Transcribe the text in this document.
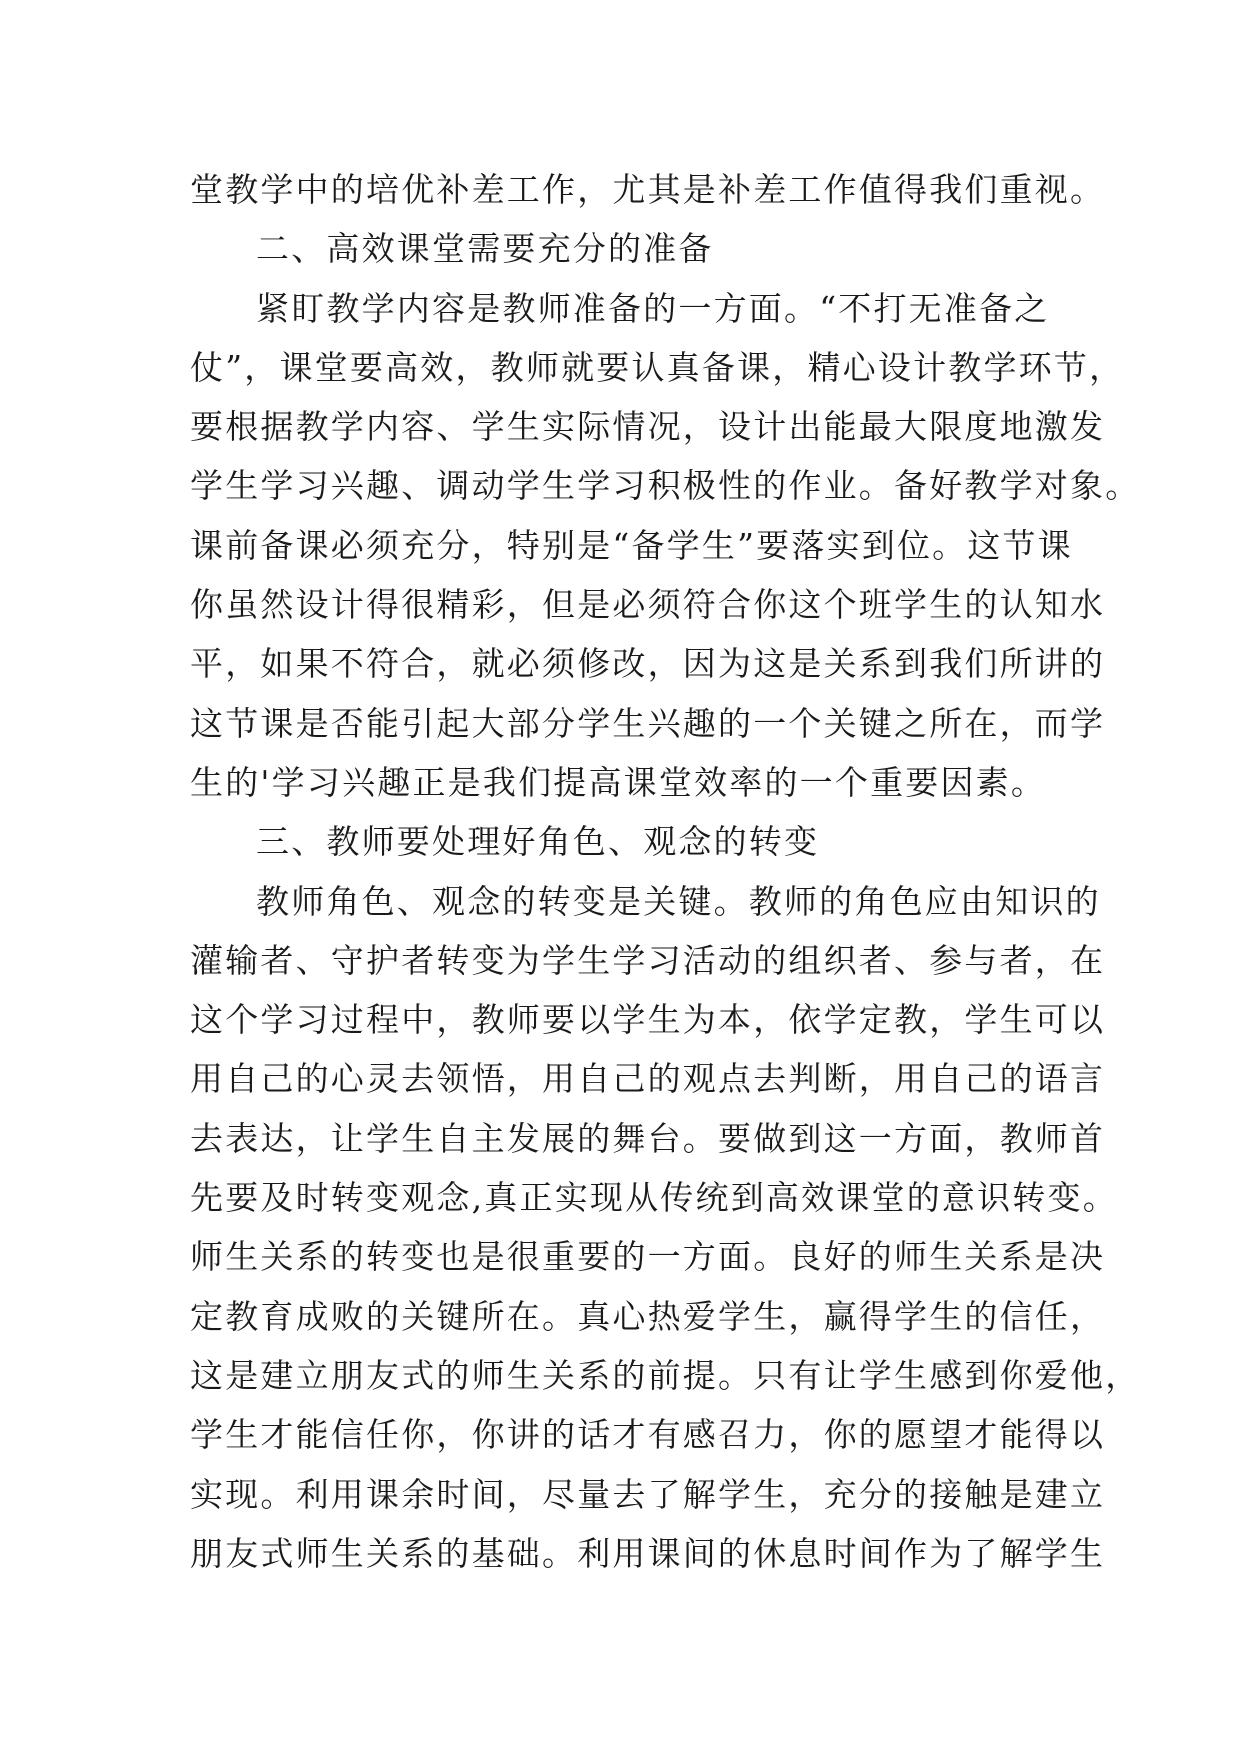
堂教学中的培优补差工作，尤其是补差工作值得我们重视。
二、高效课堂需要充分的准备
紧盯教学内容是教师准备的一方面。“不打无准备之
仗”，课堂要高效，教师就要认真备课，精心设计教学环节，
要根据教学内容、学生实际情况，设计出能最大限度地激发
学生学习兴趣、调动学生学习积极性的作业。备好教学对象。
课前备课必须充分，特别是“备学生”要落实到位。这节课
你虽然设计得很精彩，但是必须符合你这个班学生的认知水
平，如果不符合，就必须修改，因为这是关系到我们所讲的
这节课是否能引起大部分学生兴趣的一个关键之所在，而学
生的'学习兴趣正是我们提高课堂效率的一个重要因素。
三、教师要处理好角色、观念的转变
教师角色、观念的转变是关键。教师的角色应由知识的
灌输者、守护者转变为学生学习活动的组织者、参与者，在
这个学习过程中，教师要以学生为本，依学定教，学生可以
用自己的心灵去领悟，用自己的观点去判断，用自己的语言
去表达，让学生自主发展的舞台。要做到这一方面，教师首
先要及时转变观念,真正实现从传统到高效课堂的意识转变。
师生关系的转变也是很重要的一方面。良好的师生关系是决
定教育成败的关键所在。真心热爱学生，赢得学生的信任，
这是建立朋友式的师生关系的前提。只有让学生感到你爱他，
学生才能信任你，你讲的话才有感召力，你的愿望才能得以
实现。利用课余时间，尽量去了解学生，充分的接触是建立
朋友式师生关系的基础。利用课间的休息时间作为了解学生
